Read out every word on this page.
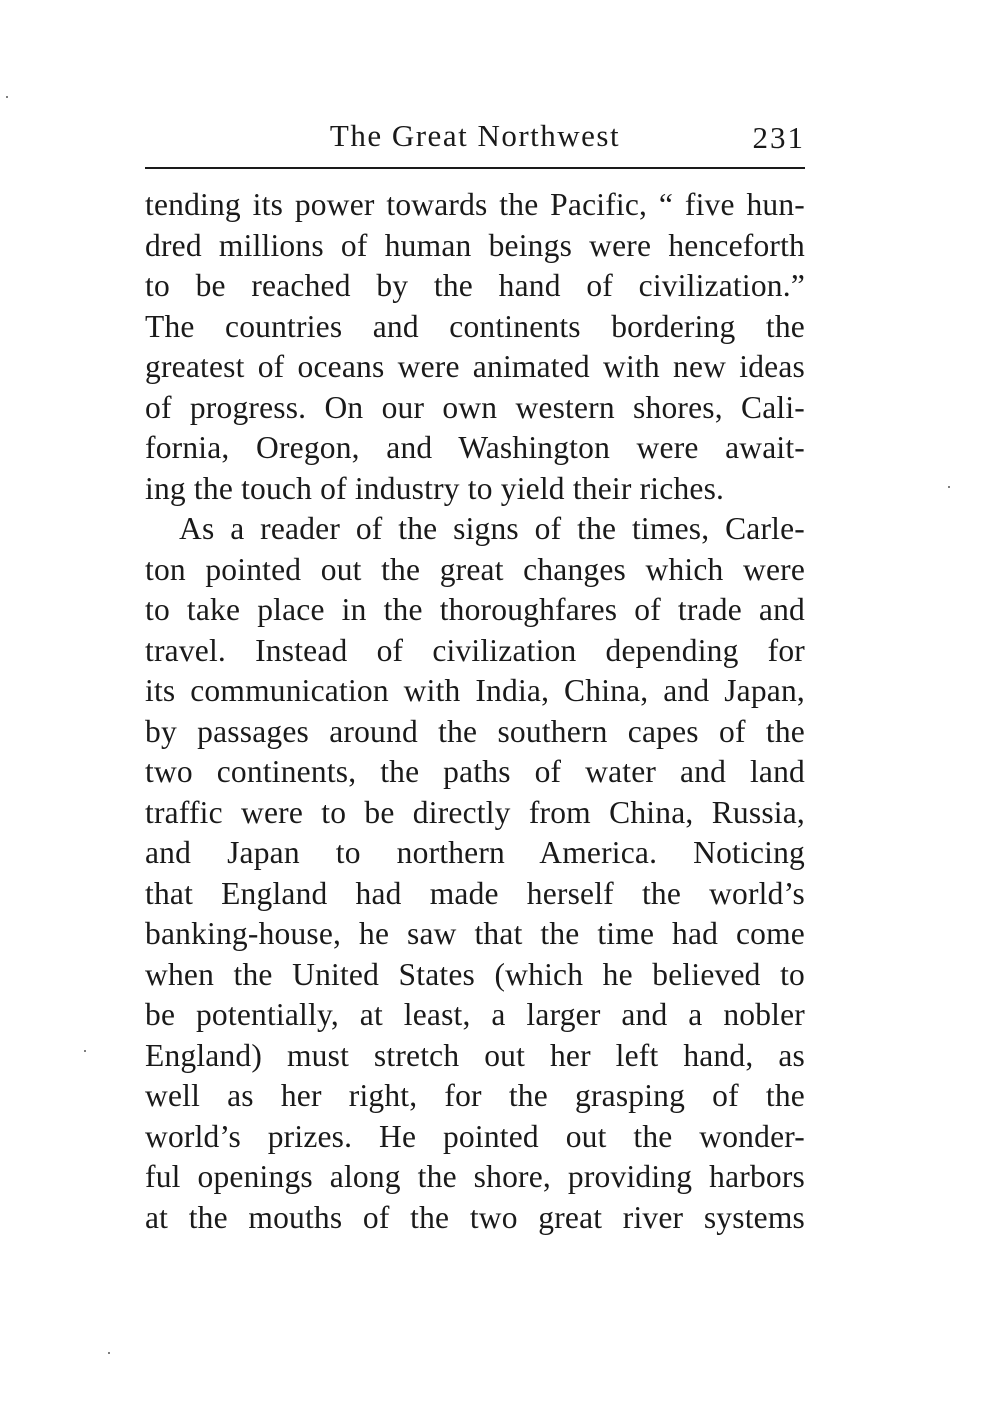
The Great Northwest	231
tending its power towards the Pacific, “ five hun-
dred millions of human beings were henceforth
to be reached by the hand of civilization.”
The countries and continents bordering the
greatest of oceans were animated with new ideas
of progress. On our own western shores, Cali-
fornia, Oregon, and Washington were await-
ing the touch of industry to yield their riches.
As a reader of the signs of the times, Carle-
ton pointed out the great changes which were
to take place in the thoroughfares of trade and
travel. Instead of civilization depending for
its communication with India, China, and Japan,
by passages around the southern capes of the
two continents, the paths of water and land
traffic were to be directly from China, Russia,
and Japan to northern America. Noticing
that England had made herself the world’s
banking-house, he saw that the time had come
when the United States (which he believed to
be potentially, at least, a larger and a nobler
England) must stretch out her left hand, as
well as her right, for the grasping of the
world’s prizes. He pointed out the wonder-
ful openings along the shore, providing harbors
at the mouths of the two great river systems
